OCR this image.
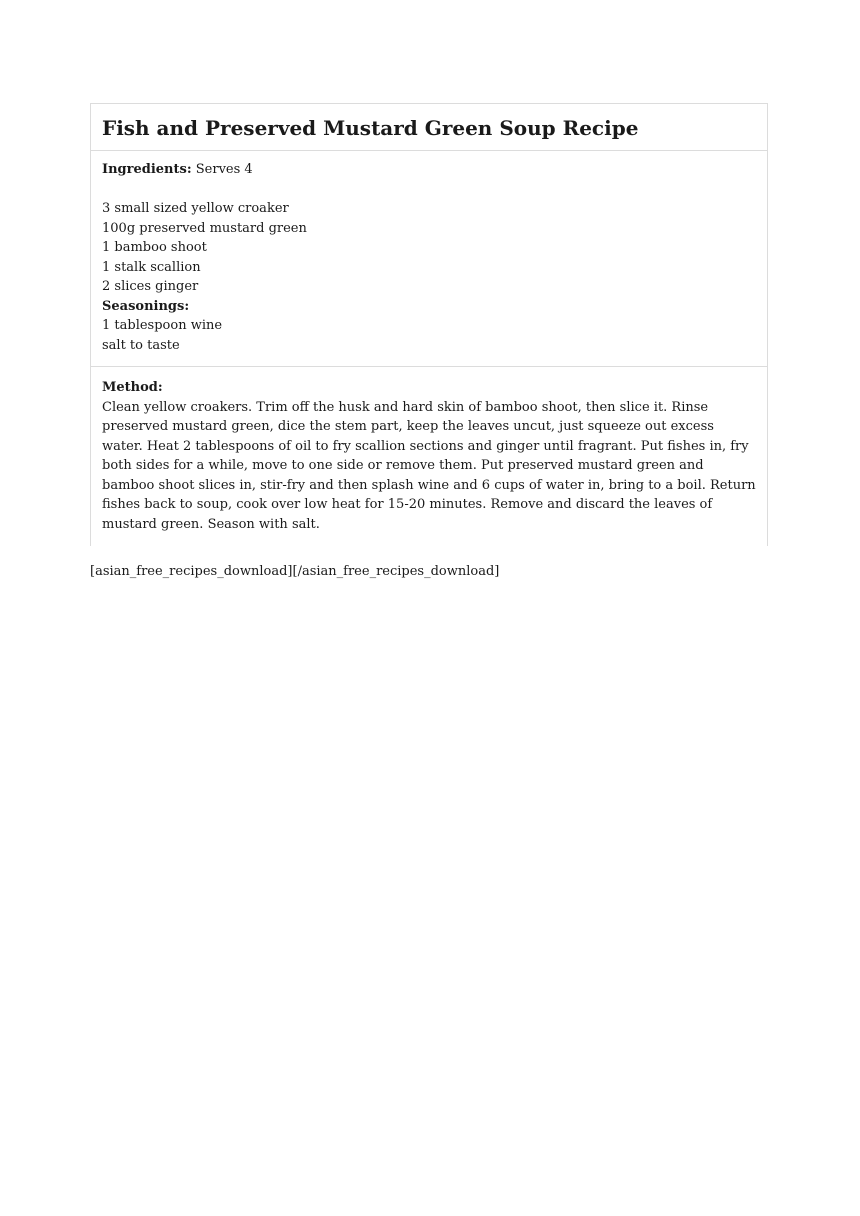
Fish and Preserved Mustard Green Soup Recipe
Ingredients: Serves 4
3 small sized yellow croaker
100g preserved mustard green
1 bamboo shoot
1 stalk scallion
2 slices ginger
Seasonings:
1 tablespoon wine
salt to taste
Method:
Clean yellow croakers. Trim off the husk and hard skin of bamboo shoot, then slice it. Rinse preserved mustard green, dice the stem part, keep the leaves uncut, just squeeze out excess water. Heat 2 tablespoons of oil to fry scallion sections and ginger until fragrant. Put fishes in, fry both sides for a while, move to one side or remove them. Put preserved mustard green and bamboo shoot slices in, stir-fry and then splash wine and 6 cups of water in, bring to a boil. Return fishes back to soup, cook over low heat for 15-20 minutes. Remove and discard the leaves of mustard green. Season with salt.
[asian_free_recipes_download][/asian_free_recipes_download]
